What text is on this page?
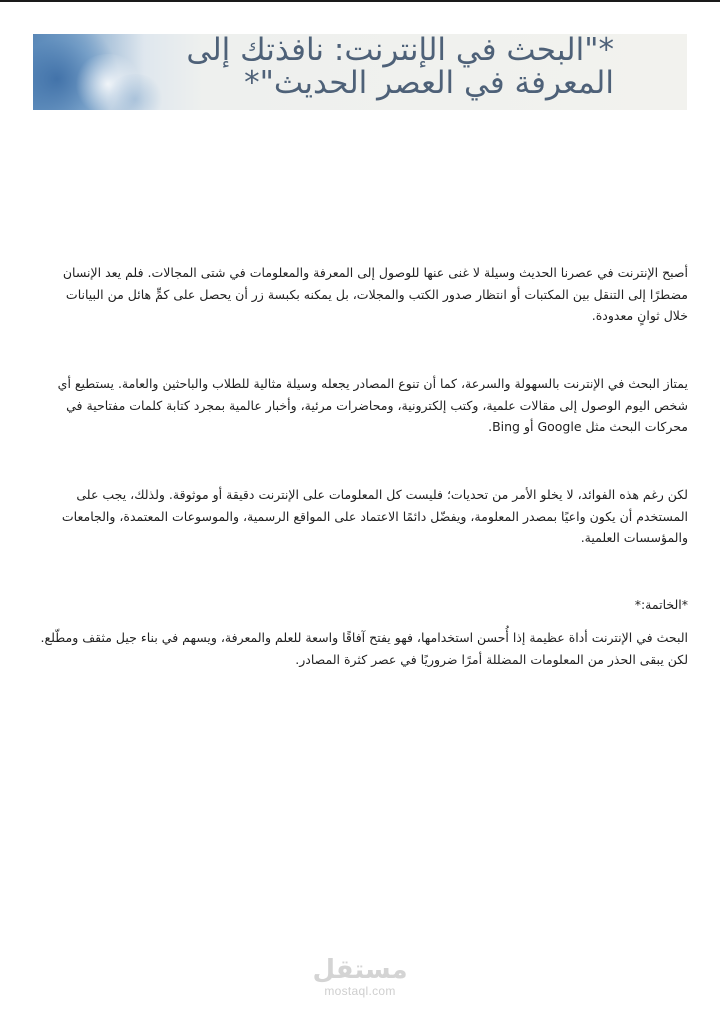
*"البحث في الإنترنت: نافذتك إلى المعرفة في العصر الحديث"*

أصبح الإنترنت في عصرنا الحديث وسيلة لا غنى عنها للوصول إلى المعرفة والمعلومات في شتى المجالات. فلم يعد الإنسان مضطرًا إلى التنقل بين المكتبات أو انتظار صدور الكتب والمجلات، بل يمكنه بكبسة زر أن يحصل على كمٍّ هائل من البيانات خلال ثوانٍ معدودة.

يمتاز البحث في الإنترنت بالسهولة والسرعة، كما أن تنوع المصادر يجعله وسيلة مثالية للطلاب والباحثين والعامة. يستطيع أي شخص اليوم الوصول إلى مقالات علمية، وكتب إلكترونية، ومحاضرات مرئية، وأخبار عالمية بمجرد كتابة كلمات مفتاحية في محركات البحث مثل Google أو Bing.

لكن رغم هذه الفوائد، لا يخلو الأمر من تحديات؛ فليست كل المعلومات على الإنترنت دقيقة أو موثوقة. ولذلك، يجب على المستخدم أن يكون واعيًا بمصدر المعلومة، ويفضّل دائمًا الاعتماد على المواقع الرسمية، والموسوعات المعتمدة، والجامعات والمؤسسات العلمية.

*الخاتمة:*

البحث في الإنترنت أداة عظيمة إذا أُحسن استخدامها، فهو يفتح آفاقًا واسعة للعلم والمعرفة، ويسهم في بناء جيل مثقف ومطّلع. لكن يبقى الحذر من المعلومات المضللة أمرًا ضروريًا في عصر كثرة المصادر.

مستقل
mostaql.com
